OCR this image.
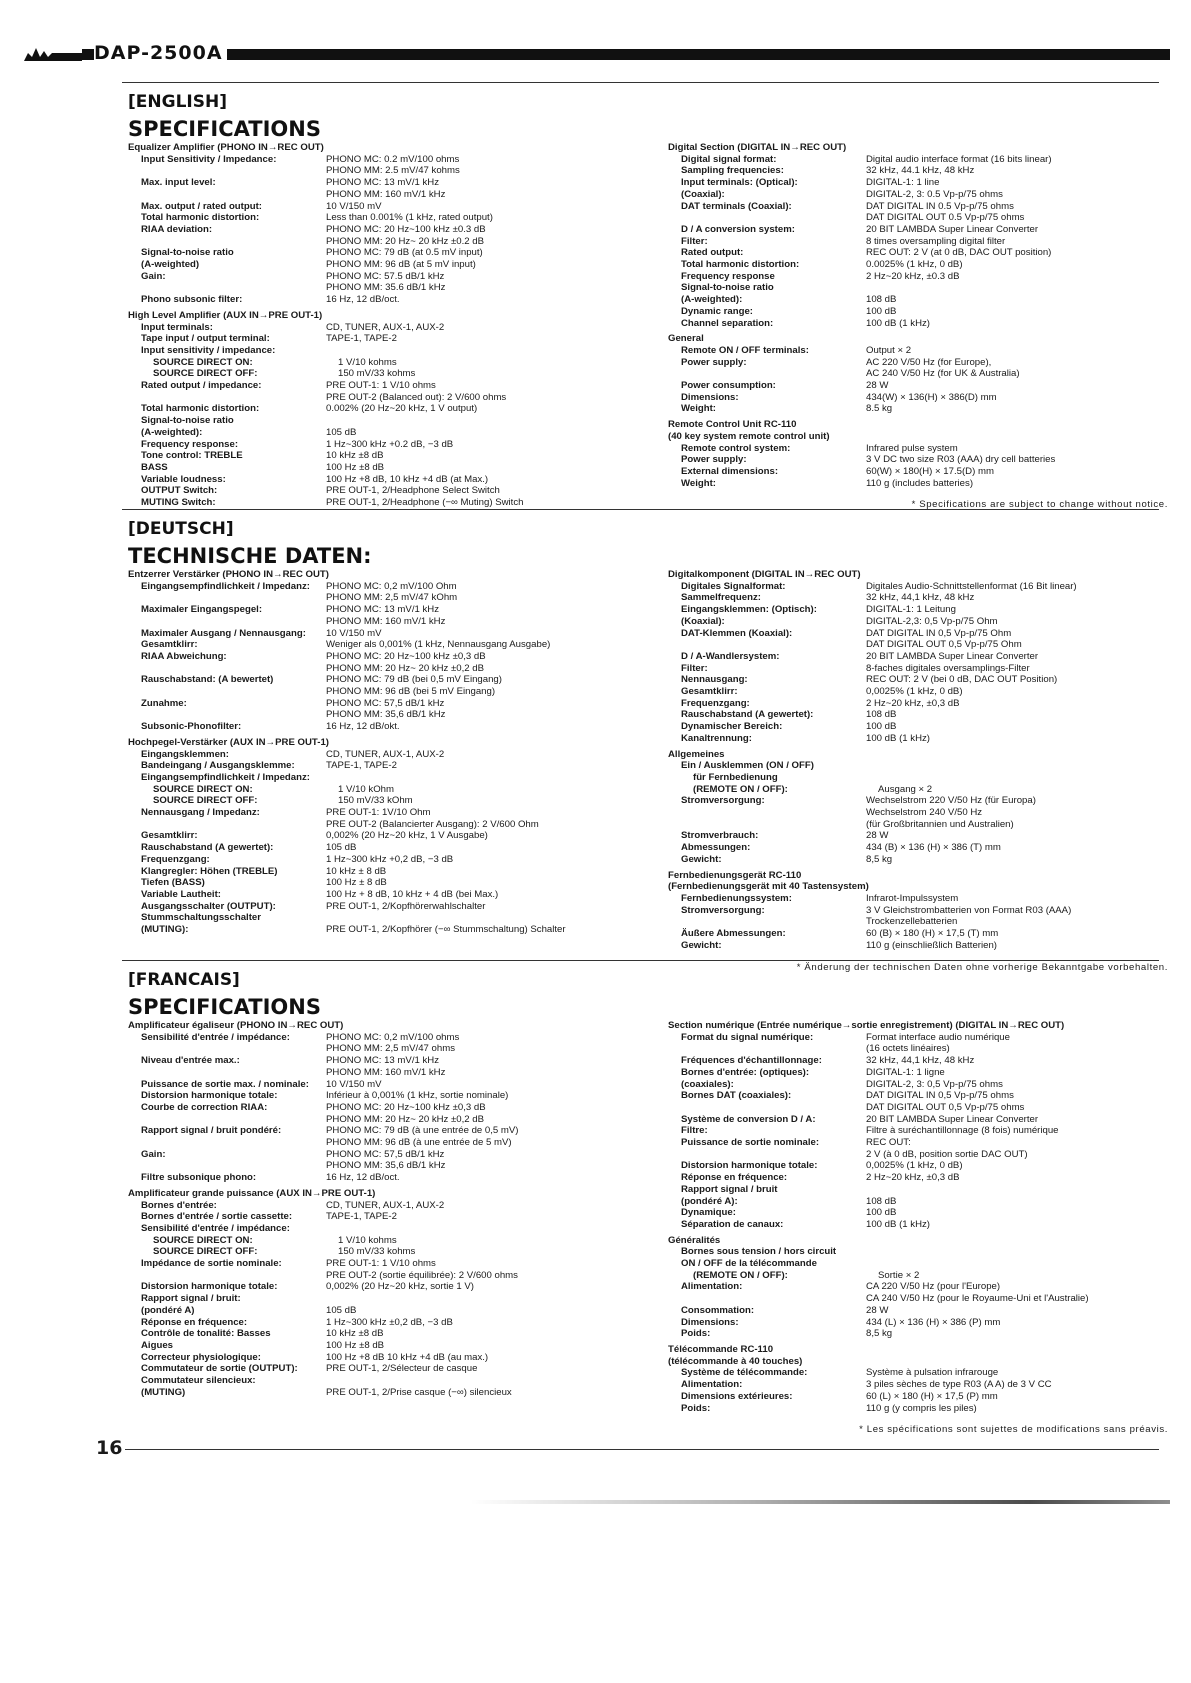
DAP-2500A
[ENGLISH]
SPECIFICATIONS
Equalizer Amplifier (PHONO IN→REC OUT)
Input Sensitivity / Impedance:	PHONO MC: 0.2 mV/100 ohms
PHONO MM: 2.5 mV/47 kohms
Max. input level:	PHONO MC: 13 mV/1 kHz
PHONO MM: 160 mV/1 kHz
Max. output / rated output:	10 V/150 mV
Total harmonic distortion:	Less than 0.001% (1 kHz, rated output)
RIAA deviation:	PHONO MC: 20 Hz~100 kHz ±0.3 dB
PHONO MM: 20 Hz~ 20 kHz ±0.2 dB
Signal-to-noise ratio	PHONO MC: 79 dB (at 0.5 mV input)
(A-weighted)	PHONO MM: 96 dB (at 5 mV input)
Gain:	PHONO MC: 57.5 dB/1 kHz
PHONO MM: 35.6 dB/1 kHz
Phono subsonic filter:	16 Hz, 12 dB/oct.
High Level Amplifier (AUX IN→PRE OUT-1)
Input terminals:	CD, TUNER, AUX-1, AUX-2
Tape input / output terminal:	TAPE-1, TAPE-2
Input sensitivity / impedance:

SOURCE DIRECT ON:	1 V/10 kohms
SOURCE DIRECT OFF:	150 mV/33 kohms
Rated output / impedance:	PRE OUT-1: 1 V/10 ohms
PRE OUT-2 (Balanced out): 2 V/600 ohms
Total harmonic distortion:	0.002% (20 Hz~20 kHz, 1 V output)
Signal-to-noise ratio

(A-weighted):	105 dB
Frequency response:	1 Hz~300 kHz +0.2 dB, −3 dB
Tone control: TREBLE	10 kHz ±8 dB
BASS	100 Hz ±8 dB
Variable loudness:	100 Hz +8 dB, 10 kHz +4 dB (at Max.)
OUTPUT Switch:	PRE OUT-1, 2/Headphone Select Switch
MUTING Switch:	PRE OUT-1, 2/Headphone (−∞ Muting) Switch
Digital Section (DIGITAL IN→REC OUT)
Digital signal format:	Digital audio interface format (16 bits linear)
Sampling frequencies:	32 kHz, 44.1 kHz, 48 kHz
Input terminals: (Optical):	DIGITAL-1: 1 line
(Coaxial):	DIGITAL-2, 3: 0.5 Vp-p/75 ohms
DAT terminals (Coaxial):	DAT DIGITAL IN 0.5 Vp-p/75 ohms
DAT DIGITAL OUT 0.5 Vp-p/75 ohms
D / A conversion system:	20 BIT LAMBDA Super Linear Converter
Filter:	8 times oversampling digital filter
Rated output:	REC OUT: 2 V (at 0 dB, DAC OUT position)
Total harmonic distortion:	0.0025% (1 kHz, 0 dB)
Frequency response	2 Hz~20 kHz, ±0.3 dB
Signal-to-noise ratio

(A-weighted):	108 dB
Dynamic range:	100 dB
Channel separation:	100 dB (1 kHz)
General
Remote ON / OFF terminals:	Output × 2
Power supply:	AC 220 V/50 Hz (for Europe),
AC 240 V/50 Hz (for UK & Australia)
Power consumption:	28 W
Dimensions:	434(W) × 136(H) × 386(D) mm
Weight:	8.5 kg
Remote Control Unit RC-110
(40 key system remote control unit)
Remote control system:	Infrared pulse system
Power supply:	3 V DC two size R03 (AAA) dry cell batteries
External dimensions:	60(W) × 180(H) × 17.5(D) mm
Weight:	110 g (includes batteries)
* Specifications are subject to change without notice.
[DEUTSCH]
TECHNISCHE DATEN:
Entzerrer Verstärker (PHONO IN→REC OUT)
Eingangsempfindlichkeit / Impedanz:	PHONO MC: 0,2 mV/100 Ohm
PHONO MM: 2,5 mV/47 kOhm
Maximaler Eingangspegel:	PHONO MC: 13 mV/1 kHz
PHONO MM: 160 mV/1 kHz
Maximaler Ausgang / Nennausgang:	10 V/150 mV
Gesamtklirr:	Weniger als 0,001% (1 kHz, Nennausgang Ausgabe)
RIAA Abweichung:	PHONO MC: 20 Hz~100 kHz ±0,3 dB
PHONO MM: 20 Hz~ 20 kHz ±0,2 dB
Rauschabstand: (A bewertet)	PHONO MC: 79 dB (bei 0,5 mV Eingang)
PHONO MM: 96 dB (bei 5 mV Eingang)
Zunahme:	PHONO MC: 57,5 dB/1 kHz
PHONO MM: 35,6 dB/1 kHz
Subsonic-Phonofilter:	16 Hz, 12 dB/okt.
Hochpegel-Verstärker (AUX IN→PRE OUT-1)
Eingangsklemmen:	CD, TUNER, AUX-1, AUX-2
Bandeingang / Ausgangsklemme:	TAPE-1, TAPE-2
Eingangsempfindlichkeit / Impedanz:

SOURCE DIRECT ON:	1 V/10 kOhm
SOURCE DIRECT OFF:	150 mV/33 kOhm
Nennausgang / Impedanz:	PRE OUT-1: 1V/10 Ohm
PRE OUT-2 (Balancierter Ausgang): 2 V/600 Ohm
Gesamtklirr:	0,002% (20 Hz~20 kHz, 1 V Ausgabe)
Rauschabstand (A gewertet):	105 dB
Frequenzgang:	1 Hz~300 kHz +0,2 dB, −3 dB
Klangregler: Höhen (TREBLE)	10 kHz ± 8 dB
Tiefen (BASS)	100 Hz ± 8 dB
Variable Lautheit:	100 Hz + 8 dB, 10 kHz + 4 dB (bei Max.)
Ausgangsschalter (OUTPUT):	PRE OUT-1, 2/Kopfhörerwahlschalter
Stummschaltungsschalter

(MUTING):	PRE OUT-1, 2/Kopfhörer (−∞ Stummschaltung) Schalter
Digitalkomponent (DIGITAL IN→REC OUT)
Digitales Signalformat:	Digitales Audio-Schnittstellenformat (16 Bit linear)
Sammelfrequenz:	32 kHz, 44,1 kHz, 48 kHz
Eingangsklemmen: (Optisch):	DIGITAL-1: 1 Leitung
(Koaxial):	DIGITAL-2,3: 0,5 Vp-p/75 Ohm
DAT-Klemmen (Koaxial):	DAT DIGITAL IN 0,5 Vp-p/75 Ohm
DAT DIGITAL OUT 0,5 Vp-p/75 Ohm
D / A-Wandlersystem:	20 BIT LAMBDA Super Linear Converter
Filter:	8-faches digitales oversamplings-Filter
Nennausgang:	REC OUT: 2 V (bei 0 dB, DAC OUT Position)
Gesamtklirr:	0,0025% (1 kHz, 0 dB)
Frequenzgang:	2 Hz~20 kHz, ±0,3 dB
Rauschabstand (A gewertet):	108 dB
Dynamischer Bereich:	100 dB
Kanaltrennung:	100 dB (1 kHz)
Allgemeines
Ein / Ausklemmen (ON / OFF)

für Fernbedienung

(REMOTE ON / OFF):	Ausgang × 2
Stromversorgung:	Wechselstrom 220 V/50 Hz (für Europa)
Wechselstrom 240 V/50 Hz
(für Großbritannien und Australien)
Stromverbrauch:	28 W
Abmessungen:	434 (B) × 136 (H) × 386 (T) mm
Gewicht:	8,5 kg
Fernbedienungsgerät RC-110
(Fernbedienungsgerät mit 40 Tastensystem)
Fernbedienungssystem:	Infrarot-Impulssystem
Stromversorgung:	3 V Gleichstrombatterien von Format R03 (AAA)
Trockenzellebatterien
Äußere Abmessungen:	60 (B) × 180 (H) × 17,5 (T) mm
Gewicht:	110 g (einschließlich Batterien)
* Änderung der technischen Daten ohne vorherige Bekanntgabe vorbehalten.
[FRANCAIS]
SPECIFICATIONS
Amplificateur égaliseur (PHONO IN→REC OUT)
Sensibilité d'entrée / impédance:	PHONO MC: 0,2 mV/100 ohms
PHONO MM: 2,5 mV/47 ohms
Niveau d'entrée max.:	PHONO MC: 13 mV/1 kHz
PHONO MM: 160 mV/1 kHz
Puissance de sortie max. / nominale:	10 V/150 mV
Distorsion harmonique totale:	Inférieur à 0,001% (1 kHz, sortie nominale)
Courbe de correction RIAA:	PHONO MC: 20 Hz~100 kHz ±0,3 dB
PHONO MM: 20 Hz~ 20 kHz ±0,2 dB
Rapport signal / bruit pondéré:	PHONO MC: 79 dB (à une entrée de 0,5 mV)
PHONO MM: 96 dB (à une entrée de 5 mV)
Gain:	PHONO MC: 57,5 dB/1 kHz
PHONO MM: 35,6 dB/1 kHz
Filtre subsonique phono:	16 Hz, 12 dB/oct.
Amplificateur grande puissance (AUX IN→PRE OUT-1)
Bornes d'entrée:	CD, TUNER, AUX-1, AUX-2
Bornes d'entrée / sortie cassette:	TAPE-1, TAPE-2
Sensibilité d'entrée / impédance:

SOURCE DIRECT ON:	1 V/10 kohms
SOURCE DIRECT OFF:	150 mV/33 kohms
Impédance de sortie nominale:	PRE OUT-1: 1 V/10 ohms
PRE OUT-2 (sortie équilibrée): 2 V/600 ohms
Distorsion harmonique totale:	0,002% (20 Hz~20 kHz, sortie 1 V)
Rapport signal / bruit:

(pondéré A)	105 dB
Réponse en fréquence:	1 Hz~300 kHz ±0,2 dB, −3 dB
Contrôle de tonalité: Basses	10 kHz ±8 dB
Aigues	100 Hz ±8 dB
Correcteur physiologique:	100 Hz +8 dB 10 kHz +4 dB (au max.)
Commutateur de sortie (OUTPUT):	PRE OUT-1, 2/Sélecteur de casque
Commutateur silencieux:

(MUTING)	PRE OUT-1, 2/Prise casque (−∞) silencieux
Section numérique (Entrée numérique→sortie enregistrement) (DIGITAL IN→REC OUT)
Format du signal numérique:	Format interface audio numérique
(16 octets linéaires)
Fréquences d'échantillonnage:	32 kHz, 44,1 kHz, 48 kHz
Bornes d'entrée: (optiques):	DIGITAL-1: 1 ligne
(coaxiales):	DIGITAL-2, 3: 0,5 Vp-p/75 ohms
Bornes DAT (coaxiales):	DAT DIGITAL IN 0,5 Vp-p/75 ohms
DAT DIGITAL OUT 0,5 Vp-p/75 ohms
Système de conversion D / A:	20 BIT LAMBDA Super Linear Converter
Filtre:	Filtre à suréchantillonnage (8 fois) numérique
Puissance de sortie nominale:	REC OUT:
2 V (à 0 dB, position sortie DAC OUT)
Distorsion harmonique totale:	0,0025% (1 kHz, 0 dB)
Réponse en fréquence:	2 Hz~20 kHz, ±0,3 dB
Rapport signal / bruit

(pondéré A):	108 dB
Dynamique:	100 dB
Séparation de canaux:	100 dB (1 kHz)
Généralités
Bornes sous tension / hors circuit

ON / OFF de la télécommande

(REMOTE ON / OFF):	Sortie × 2
Alimentation:	CA 220 V/50 Hz (pour l'Europe)
CA 240 V/50 Hz (pour le Royaume-Uni et l'Australie)
Consommation:	28 W
Dimensions:	434 (L) × 136 (H) × 386 (P) mm
Poids:	8,5 kg
Télécommande RC-110
(télécommande à 40 touches)
Système de télécommande:	Système à pulsation infrarouge
Alimentation:	3 piles sèches de type R03 (A A) de 3 V CC
Dimensions extérieures:	60 (L) × 180 (H) × 17,5 (P) mm
Poids:	110 g (y compris les piles)
* Les spécifications sont sujettes de modifications sans préavis.
16
